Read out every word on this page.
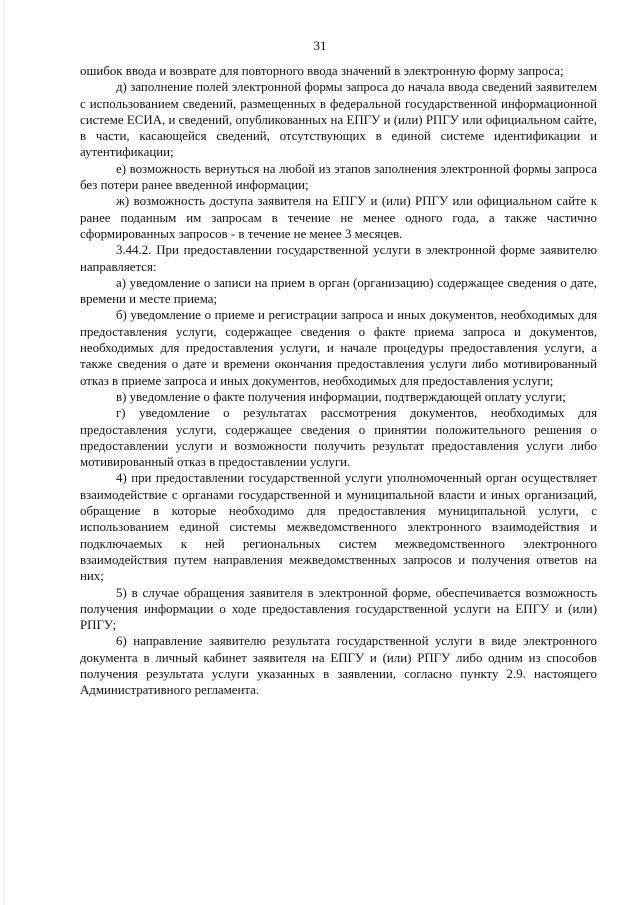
31

ошибок ввода и возврате для повторного ввода значений в электронную форму запроса;

д) заполнение полей электронной формы запроса до начала ввода сведений заявителем с использованием сведений, размещенных в федеральной государственной информационной системе ЕСИА, и сведений, опубликованных на ЕПГУ и (или) РПГУ или официальном сайте, в части, касающейся сведений, отсутствующих в единой системе идентификации и аутентификации;

е) возможность вернуться на любой из этапов заполнения электронной формы запроса без потери ранее введенной информации;

ж) возможность доступа заявителя на ЕПГУ и (или) РПГУ или официальном сайте к ранее поданным им запросам в течение не менее одного года, а также частично сформированных запросов - в течение не менее 3 месяцев.

3.44.2. При предоставлении государственной услуги в электронной форме заявителю направляется:

а) уведомление о записи на прием в орган (организацию) содержащее сведения о дате, времени и месте приема;

б) уведомление о приеме и регистрации запроса и иных документов, необходимых для предоставления услуги, содержащее сведения о факте приема запроса и документов, необходимых для предоставления услуги, и начале процедуры предоставления услуги, а также сведения о дате и времени окончания предоставления услуги либо мотивированный отказ в приеме запроса и иных документов, необходимых для предоставления услуги;

в) уведомление о факте получения информации, подтверждающей оплату услуги;

г) уведомление о результатах рассмотрения документов, необходимых для предоставления услуги, содержащее сведения о принятии положительного решения о предоставлении услуги и возможности получить результат предоставления услуги либо мотивированный отказ в предоставлении услуги.

4) при предоставлении государственной услуги уполномоченный орган осуществляет взаимодействие с органами государственной и муниципальной власти и иных организаций, обращение в которые необходимо для предоставления муниципальной услуги, с использованием единой системы межведомственного электронного взаимодействия и подключаемых к ней региональных систем межведомственного электронного взаимодействия путем направления межведомственных запросов и получения ответов на них;

5) в случае обращения заявителя в электронной форме, обеспечивается возможность получения информации о ходе предоставления государственной услуги на ЕПГУ и (или) РПГУ;

6) направление заявителю результата государственной услуги в виде электронного документа в личный кабинет заявителя на ЕПГУ и (или) РПГУ либо одним из способов получения результата услуги указанных в заявлении, согласно пункту 2.9. настоящего Административного регламента.
